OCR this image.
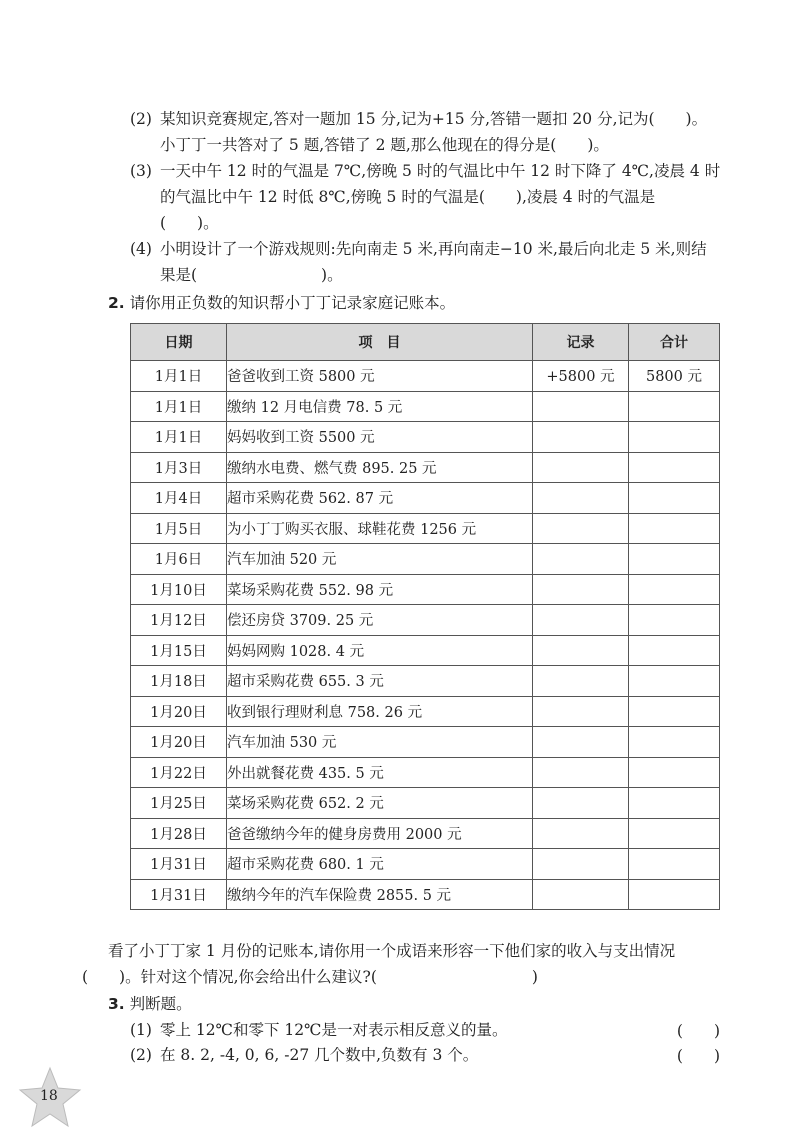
(2) 某知识竞赛规定,答对一题加 15 分,记为+15 分,答错一题扣 20 分,记为(　　)。
小丁丁一共答对了 5 题,答错了 2 题,那么他现在的得分是(　　)。
(3) 一天中午 12 时的气温是 7℃,傍晚 5 时的气温比中午 12 时下降了 4℃,凌晨 4 时
的气温比中午 12 时低 8℃,傍晚 5 时的气温是(　　),凌晨 4 时的气温是
(　　)。
(4) 小明设计了一个游戏规则:先向南走 5 米,再向南走−10 米,最后向北走 5 米,则结
果是(　　　　　　　　)。
2. 请你用正负数的知识帮小丁丁记录家庭记账本。
日期	项　目	记录	合计
1月1日	爸爸收到工资 5800 元	+5800 元	5800 元
1月1日	缴纳 12 月电信费 78. 5 元		
1月1日	妈妈收到工资 5500 元		
1月3日	缴纳水电费、燃气费 895. 25 元		
1月4日	超市采购花费 562. 87 元		
1月5日	为小丁丁购买衣服、球鞋花费 1256 元		
1月6日	汽车加油 520 元		
1月10日	菜场采购花费 552. 98 元		
1月12日	偿还房贷 3709. 25 元		
1月15日	妈妈网购 1028. 4 元		
1月18日	超市采购花费 655. 3 元		
1月20日	收到银行理财利息 758. 26 元		
1月20日	汽车加油 530 元		
1月22日	外出就餐花费 435. 5 元		
1月25日	菜场采购花费 652. 2 元		
1月28日	爸爸缴纳今年的健身房费用 2000 元		
1月31日	超市采购花费 680. 1 元		
1月31日	缴纳今年的汽车保险费 2855. 5 元		
看了小丁丁家 1 月份的记账本,请你用一个成语来形容一下他们家的收入与支出情况
(　　)。针对这个情况,你会给出什么建议?(　　　　　　　　　　)
3. 判断题。
(1) 零上 12℃和零下 12℃是一对表示相反意义的量。	(　　)
(2) 在 8. 2, -4, 0, 6, -27 几个数中,负数有 3 个。	(　　)
18
